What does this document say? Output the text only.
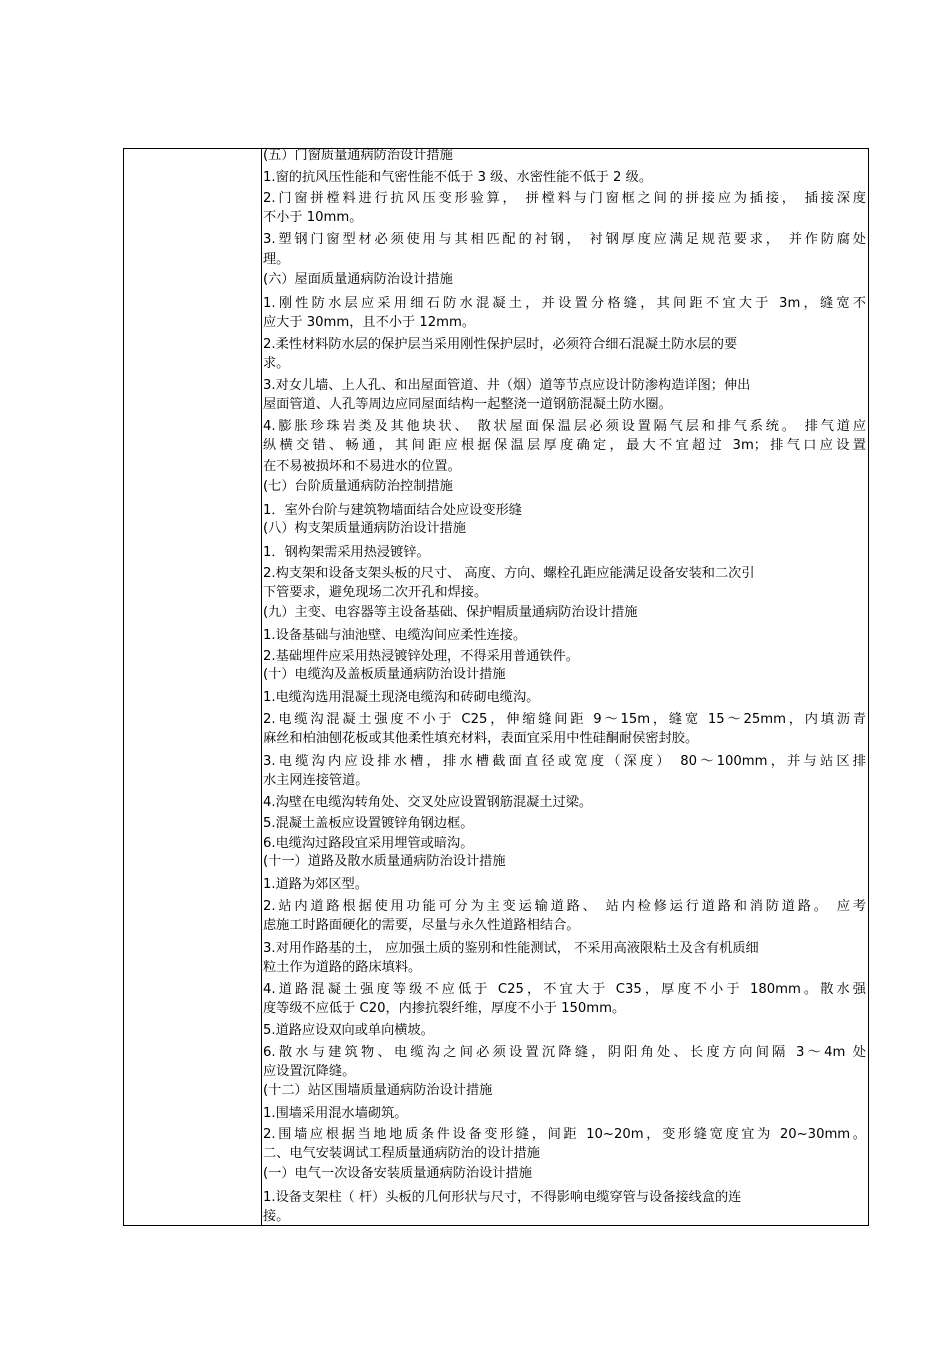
(五）门窗质量通病防治设计措施
1.窗的抗风压性能和气密性能不低于 3 级、水密性能不低于 2 级。
2.门窗拼樘料进行抗风压变形验算， 拼樘料与门窗框之间的拼接应为插接， 插接深度
不小于 10mm。
3.塑钢门窗型材必须使用与其相匹配的衬钢， 衬钢厚度应满足规范要求， 并作防腐处
理。
(六）屋面质量通病防治设计措施
1.刚性防水层应采用细石防水混凝土，并设置分格缝，其间距不宜大于 3m，缝宽不
应大于 30mm，且不小于 12mm。
2.柔性材料防水层的保护层当采用刚性保护层时，必须符合细石混凝土防水层的要
求。
3.对女儿墙、上人孔、和出屋面管道、井（烟）道等节点应设计防渗构造详图；伸出
屋面管道、人孔等周边应同屋面结构一起整浇一道钢筋混凝土防水圈。
4.膨胀珍珠岩类及其他块状、 散状屋面保温层必须设置隔气层和排气系统。 排气道应
纵横交错、畅通，其间距应根据保温层厚度确定，最大不宜超过 3m；排气口应设置
在不易被损坏和不易进水的位置。
(七）台阶质量通病防治控制措施
1．室外台阶与建筑物墙面结合处应设变形缝
(八）构支架质量通病防治设计措施
1．钢构架需采用热浸镀锌。
2.构支架和设备支架头板的尺寸、 高度、方向、螺栓孔距应能满足设备安装和二次引
下管要求，避免现场二次开孔和焊接。
(九）主变、电容器等主设备基础、保护帽质量通病防治设计措施
1.设备基础与油池壁、电缆沟间应柔性连接。
2.基础埋件应采用热浸镀锌处理，不得采用普通铁件。
(十）电缆沟及盖板质量通病防治设计措施
1.电缆沟选用混凝土现浇电缆沟和砖砌电缆沟。
2.电缆沟混凝土强度不小于 C25，伸缩缝间距 9～15m，缝宽 15～25mm，内填沥青
麻丝和柏油刨花板或其他柔性填充材料，表面宜采用中性硅酮耐侯密封胶。
3.电缆沟内应设排水槽，排水槽截面直径或宽度（深度） 80～100mm，并与站区排
水主网连接管道。
4.沟壁在电缆沟转角处、交叉处应设置钢筋混凝土过梁。
5.混凝土盖板应设置镀锌角钢边框。
6.电缆沟过路段宜采用埋管或暗沟。
(十一）道路及散水质量通病防治设计措施
1.道路为郊区型。
2.站内道路根据使用功能可分为主变运输道路、 站内检修运行道路和消防道路。 应考
虑施工时路面硬化的需要，尽量与永久性道路相结合。
3.对用作路基的土， 应加强土质的鉴别和性能测试， 不采用高液限粘土及含有机质细
粒土作为道路的路床填料。
4.道路混凝土强度等级不应低于 C25，不宜大于 C35，厚度不小于 180mm。散水强
度等级不应低于 C20，内掺抗裂纤维，厚度不小于 150mm。
5.道路应设双向或单向横坡。
6.散水与建筑物、电缆沟之间必须设置沉降缝，阴阳角处、长度方向间隔 3～4m 处
应设置沉降缝。
(十二）站区围墙质量通病防治设计措施
1.围墙采用混水墙砌筑。
2.围墙应根据当地地质条件设备变形缝，间距 10~20m，变形缝宽度宜为 20~30mm。
二、电气安装调试工程质量通病防治的设计措施
(一）电气一次设备安装质量通病防治设计措施
1.设备支架柱（ 杆）头板的几何形状与尺寸，不得影响电缆穿管与设备接线盒的连
接。
